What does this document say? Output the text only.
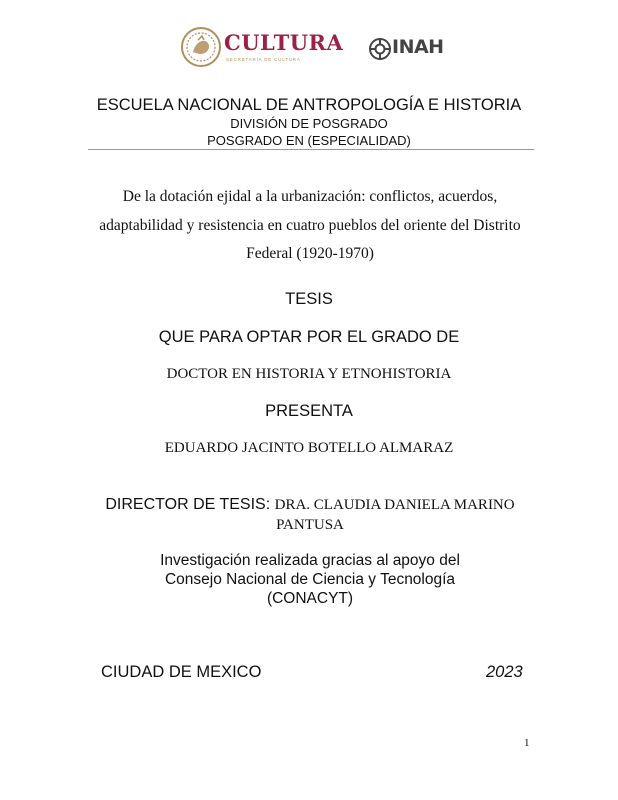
CULTURA
SECRETARÍA DE CULTURA
INAH
ESCUELA NACIONAL DE ANTROPOLOGÍA E HISTORIA
DIVISIÓN DE POSGRADO
POSGRADO EN (ESPECIALIDAD)
De la dotación ejidal a la urbanización: conflictos, acuerdos, adaptabilidad y resistencia en cuatro pueblos del oriente del Distrito Federal (1920-1970)
TESIS
QUE PARA OPTAR POR EL GRADO DE
DOCTOR EN HISTORIA Y ETNOHISTORIA
PRESENTA
EDUARDO JACINTO BOTELLO ALMARAZ
DIRECTOR DE TESIS: DRA. CLAUDIA DANIELA MARINO PANTUSA
Investigación realizada gracias al apoyo del Consejo Nacional de Ciencia y Tecnología (CONACYT)
CIUDAD DE MEXICO	2023
1
